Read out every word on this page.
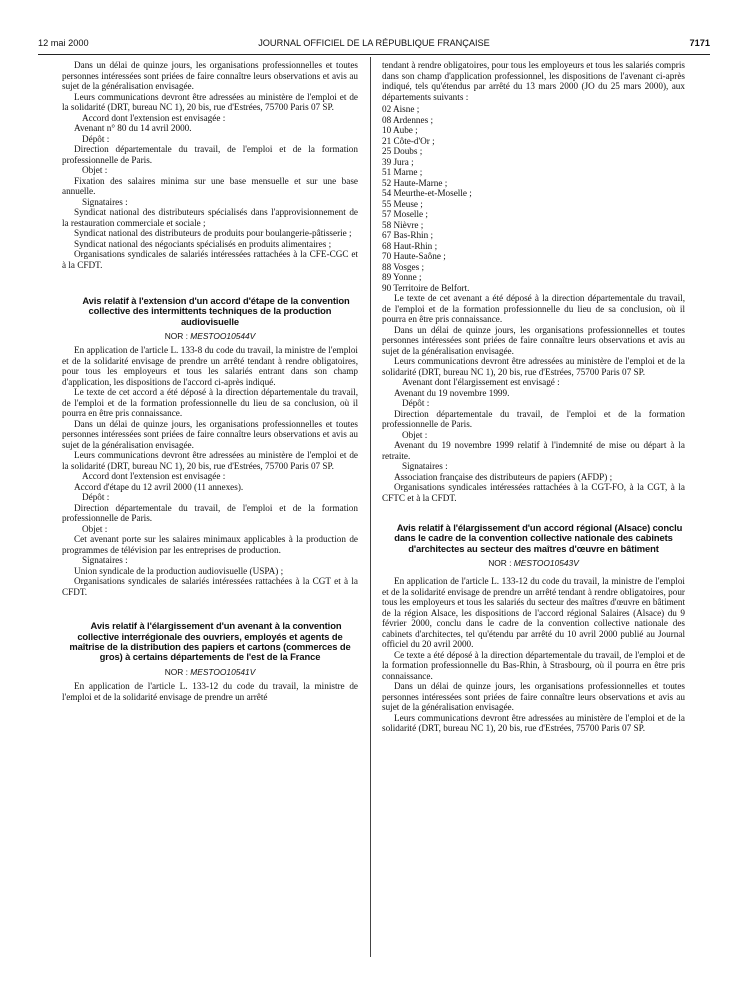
12 mai 2000	JOURNAL OFFICIEL DE LA RÉPUBLIQUE FRANÇAISE	7171

Dans un délai de quinze jours, les organisations professionnelles et toutes personnes intéressées sont priées de faire connaître leurs observations et avis au sujet de la généralisation envisagée.

Leurs communications devront être adressées au ministère de l'emploi et de la solidarité (DRT, bureau NC 1), 20 bis, rue d'Estrées, 75700 Paris 07 SP.

Accord dont l'extension est envisagée :

Avenant n° 80 du 14 avril 2000.

Dépôt :

Direction départementale du travail, de l'emploi et de la formation professionnelle de Paris.

Objet :

Fixation des salaires minima sur une base mensuelle et sur une base annuelle.

Signataires :

Syndicat national des distributeurs spécialisés dans l'approvisionnement de la restauration commerciale et sociale ;

Syndicat national des distributeurs de produits pour boulangerie-pâtisserie ;

Syndicat national des négociants spécialisés en produits alimentaires ;

Organisations syndicales de salariés intéressées rattachées à la CFE-CGC et à la CFDT.

Avis relatif à l'extension d'un accord d'étape de la convention collective des intermittents techniques de la production audiovisuelle

NOR : MESTOO10544V

En application de l'article L. 133-8 du code du travail, la ministre de l'emploi et de la solidarité envisage de prendre un arrêté tendant à rendre obligatoires, pour tous les employeurs et tous les salariés entrant dans son champ d'application, les dispositions de l'accord ci-après indiqué.

Le texte de cet accord a été déposé à la direction départementale du travail, de l'emploi et de la formation professionnelle du lieu de sa conclusion, où il pourra en être pris connaissance.

Dans un délai de quinze jours, les organisations professionnelles et toutes personnes intéressées sont priées de faire connaître leurs observations et avis au sujet de la généralisation envisagée.

Leurs communications devront être adressées au ministère de l'emploi et de la solidarité (DRT, bureau NC 1), 20 bis, rue d'Estrées, 75700 Paris 07 SP.

Accord dont l'extension est envisagée :

Accord d'étape du 12 avril 2000 (11 annexes).

Dépôt :

Direction départementale du travail, de l'emploi et de la formation professionnelle de Paris.

Objet :

Cet avenant porte sur les salaires minimaux applicables à la production de programmes de télévision par les entreprises de production.

Signataires :

Union syndicale de la production audiovisuelle (USPA) ;

Organisations syndicales de salariés intéressées rattachées à la CGT et à la CFDT.

Avis relatif à l'élargissement d'un avenant à la convention collective interrégionale des ouvriers, employés et agents de maîtrise de la distribution des papiers et cartons (commerces de gros) à certains départements de l'est de la France

NOR : MESTOO10541V

En application de l'article L. 133-12 du code du travail, la ministre de l'emploi et de la solidarité envisage de prendre un arrêté

tendant à rendre obligatoires, pour tous les employeurs et tous les salariés compris dans son champ d'application professionnel, les dispositions de l'avenant ci-après indiqué, tels qu'étendus par arrêté du 13 mars 2000 (JO du 25 mars 2000), aux départements suivants :

02 Aisne ;

08 Ardennes ;

10 Aube ;

21 Côte-d'Or ;

25 Doubs ;

39 Jura ;

51 Marne ;

52 Haute-Marne ;

54 Meurthe-et-Moselle ;

55 Meuse ;

57 Moselle ;

58 Nièvre ;

67 Bas-Rhin ;

68 Haut-Rhin ;

70 Haute-Saône ;

88 Vosges ;

89 Yonne ;

90 Territoire de Belfort.

Le texte de cet avenant a été déposé à la direction départementale du travail, de l'emploi et de la formation professionnelle du lieu de sa conclusion, où il pourra en être pris connaissance.

Dans un délai de quinze jours, les organisations professionnelles et toutes personnes intéressées sont priées de faire connaître leurs observations et avis au sujet de la généralisation envisagée.

Leurs communications devront être adressées au ministère de l'emploi et de la solidarité (DRT, bureau NC 1), 20 bis, rue d'Estrées, 75700 Paris 07 SP.

Avenant dont l'élargissement est envisagé :

Avenant du 19 novembre 1999.

Dépôt :

Direction départementale du travail, de l'emploi et de la formation professionnelle de Paris.

Objet :

Avenant du 19 novembre 1999 relatif à l'indemnité de mise ou départ à la retraite.

Signataires :

Association française des distributeurs de papiers (AFDP) ;

Organisations syndicales intéressées rattachées à la CGT-FO, à la CGT, à la CFTC et à la CFDT.

Avis relatif à l'élargissement d'un accord régional (Alsace) conclu dans le cadre de la convention collective nationale des cabinets d'architectes au secteur des maîtres d'œuvre en bâtiment

NOR : MESTOO10543V

En application de l'article L. 133-12 du code du travail, la ministre de l'emploi et de la solidarité envisage de prendre un arrêté tendant à rendre obligatoires, pour tous les employeurs et tous les salariés du secteur des maîtres d'œuvre en bâtiment de la région Alsace, les dispositions de l'accord régional Salaires (Alsace) du 9 février 2000, conclu dans le cadre de la convention collective nationale des cabinets d'architectes, tel qu'étendu par arrêté du 10 avril 2000 publié au Journal officiel du 20 avril 2000.

Ce texte a été déposé à la direction départementale du travail, de l'emploi et de la formation professionnelle du Bas-Rhin, à Strasbourg, où il pourra en être pris connaissance.

Dans un délai de quinze jours, les organisations professionnelles et toutes personnes intéressées sont priées de faire connaître leurs observations et avis au sujet de la généralisation envisagée.

Leurs communications devront être adressées au ministère de l'emploi et de la solidarité (DRT, bureau NC 1), 20 bis, rue d'Estrées, 75700 Paris 07 SP.
